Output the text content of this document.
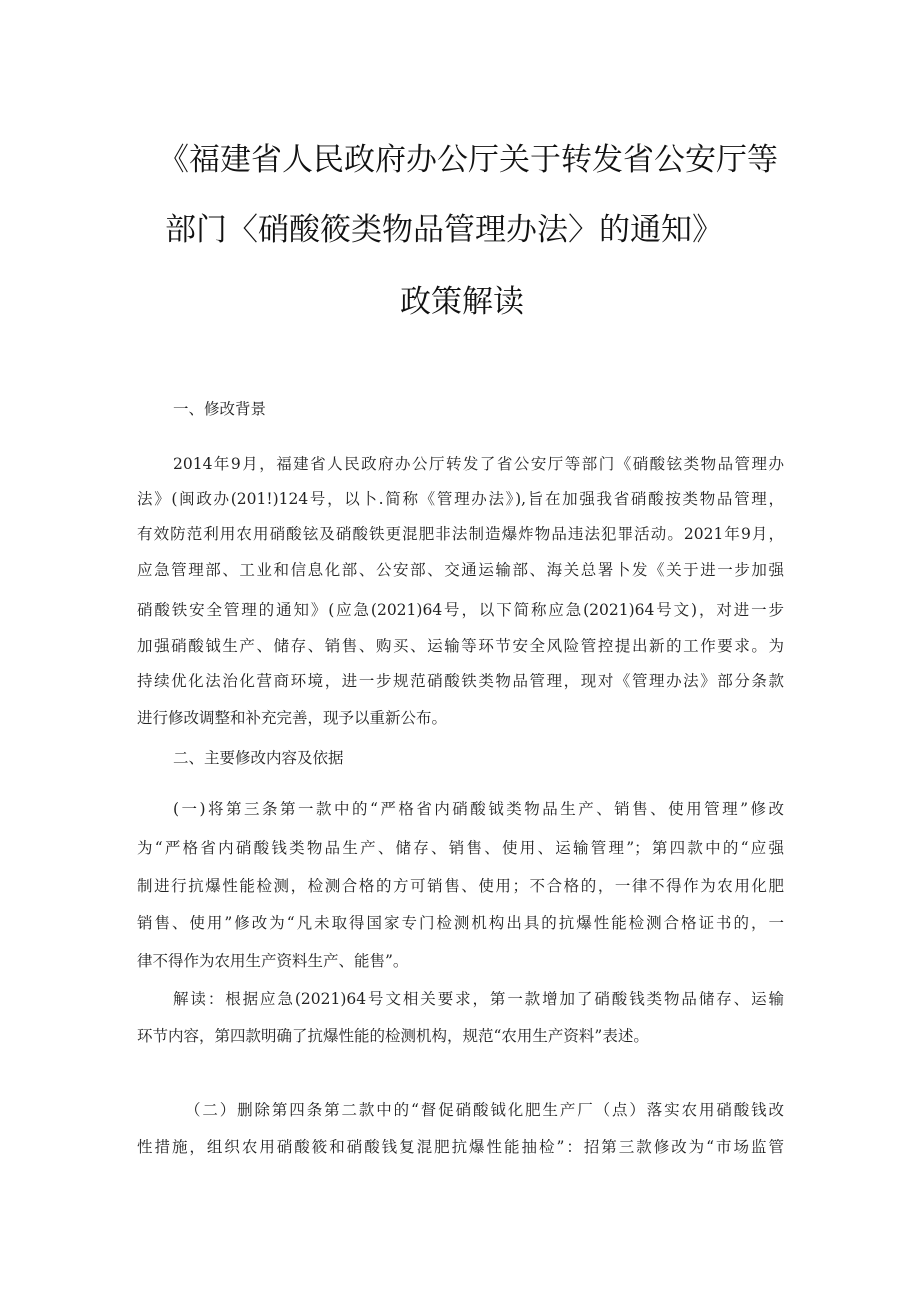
《福建省人民政府办公厅关于转发省公安厅等
部门〈硝酸筱类物品管理办法〉的通知》
政策解读
一、修改背景
2014年9月，福建省人民政府办公厅转发了省公安厅等部门《硝酸铉类物品管理办
法》(闽政办(201!)124号，以卜.简称《管理办法》),旨在加强我省硝酸按类物品管理，
有效防范利用农用硝酸铉及硝酸铁更混肥非法制造爆炸物品违法犯罪活动。2021年9月，
应急管理部、工业和信息化部、公安部、交通运输部、海关总署卜发《关于进一步加强
硝酸铁安全管理的通知》(应急(2021)64号，以下简称应急(2021)64号文)，对进一步
加强硝酸钺生产、储存、销售、购买、运输等环节安全风险管控提出新的工作要求。为
持续优化法治化营商环境，进一步规范硝酸铁类物品管理，现对《管理办法》部分条款
进行修改调整和补充完善，现予以重新公布。
二、主要修改内容及依据
(一)将第三条第一款中的“严格省内硝酸钺类物品生产、销售、使用管理”修改
为“严格省内硝酸钱类物品生产、储存、销售、使用、运输管理”；第四款中的“应强
制进行抗爆性能检测，检测合格的方可销售、使用；不合格的，一律不得作为农用化肥
销售、使用”修改为“凡未取得国家专门检测机构出具的抗爆性能检测合格证书的，一
律不得作为农用生产资料生产、能售”。
解读：根据应急(2021)64号文相关要求，第一款增加了硝酸钱类物品储存、运输
环节内容，第四款明确了抗爆性能的检测机构，规范“农用生产资料”表述。
（二）删除第四条第二款中的“督促硝酸钺化肥生产厂（点）落实农用硝酸钱改
性措施，组织农用硝酸筱和硝酸钱复混肥抗爆性能抽检”：招第三款修改为“市场监管
